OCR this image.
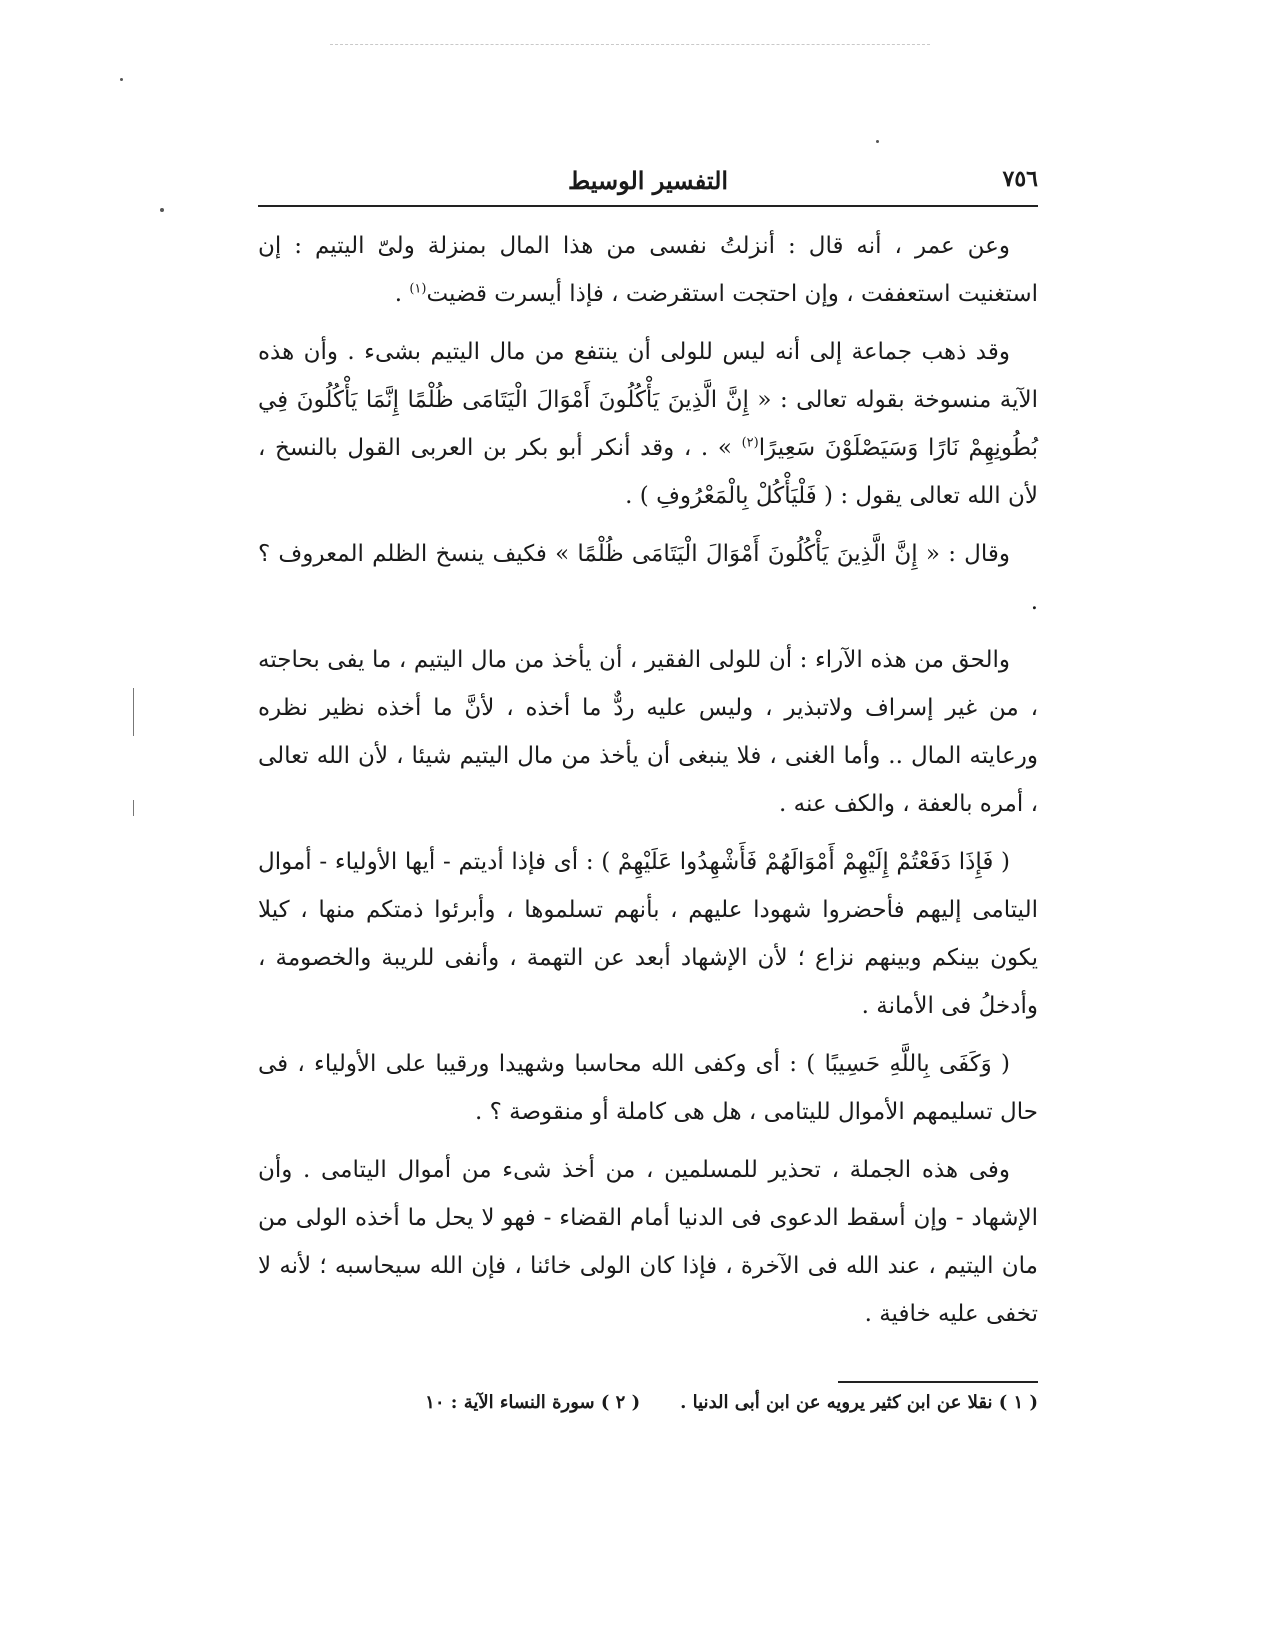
٧٥٦
التفسير الوسيط

وعن عمر ، أنه قال : أنزلتُ نفسى من هذا المال بمنزلة ولىّ اليتيم : إن استغنيت استعففت ، وإن احتجت استقرضت ، فإذا أيسرت قضيت$^{(١)}$ .

وقد ذهب جماعة إلى أنه ليس للولى أن ينتفع من مال اليتيم بشىء . وأن هذه الآية منسوخة بقوله تعالى : « إِنَّ الَّذِينَ يَأْكُلُونَ أَمْوَالَ الْيَتَامَى ظُلْمًا إِنَّمَا يَأْكُلُونَ فِي بُطُونِهِمْ نَارًا وَسَيَصْلَوْنَ سَعِيرًا$^{(٢)}$ » . ، وقد أنكر أبو بكر بن العربى القول بالنسخ ، لأن الله تعالى يقول : ( فَلْيَأْكُلْ بِالْمَعْرُوفِ ) .

وقال : « إِنَّ الَّذِينَ يَأْكُلُونَ أَمْوَالَ الْيَتَامَى ظُلْمًا » فكيف ينسخ الظلم المعروف ؟ .

والحق من هذه الآراء : أن للولى الفقير ، أن يأخذ من مال اليتيم ، ما يفى بحاجته ، من غير إسراف ولاتبذير ، وليس عليه ردٌّ ما أخذه ، لأنَّ ما أخذه نظير نظره ورعايته المال .. وأما الغنى ، فلا ينبغى أن يأخذ من مال اليتيم شيئا ، لأن الله تعالى ، أمره بالعفة ، والكف عنه .

( فَإِذَا دَفَعْتُمْ إِلَيْهِمْ أَمْوَالَهُمْ فَأَشْهِدُوا عَلَيْهِمْ ) : أى فإذا أديتم - أيها الأولياء - أموال اليتامى إليهم فأحضروا شهودا عليهم ، بأنهم تسلموها ، وأبرئوا ذمتكم منها ، كيلا يكون بينكم وبينهم نزاع ؛ لأن الإشهاد أبعد عن التهمة ، وأنفى للريبة والخصومة ، وأدخلُ فى الأمانة .

( وَكَفَى بِاللَّهِ حَسِيبًا ) : أى وكفى الله محاسبا وشهيدا ورقيبا على الأولياء ، فى حال تسليمهم الأموال لليتامى ، هل هى كاملة أو منقوصة ؟ .

وفى هذه الجملة ، تحذير للمسلمين ، من أخذ شىء من أموال اليتامى . وأن الإشهاد - وإن أسقط الدعوى فى الدنيا أمام القضاء - فهو لا يحل ما أخذه الولى من مان اليتيم ، عند الله فى الآخرة ، فإذا كان الولى خائنا ، فإن الله سيحاسبه ؛ لأنه لا تخفى عليه خافية .

( ١ ) نقلا عن ابن كثير يرويه عن ابن أبى الدنيا .
( ٢ ) سورة النساء الآية : ١٠
